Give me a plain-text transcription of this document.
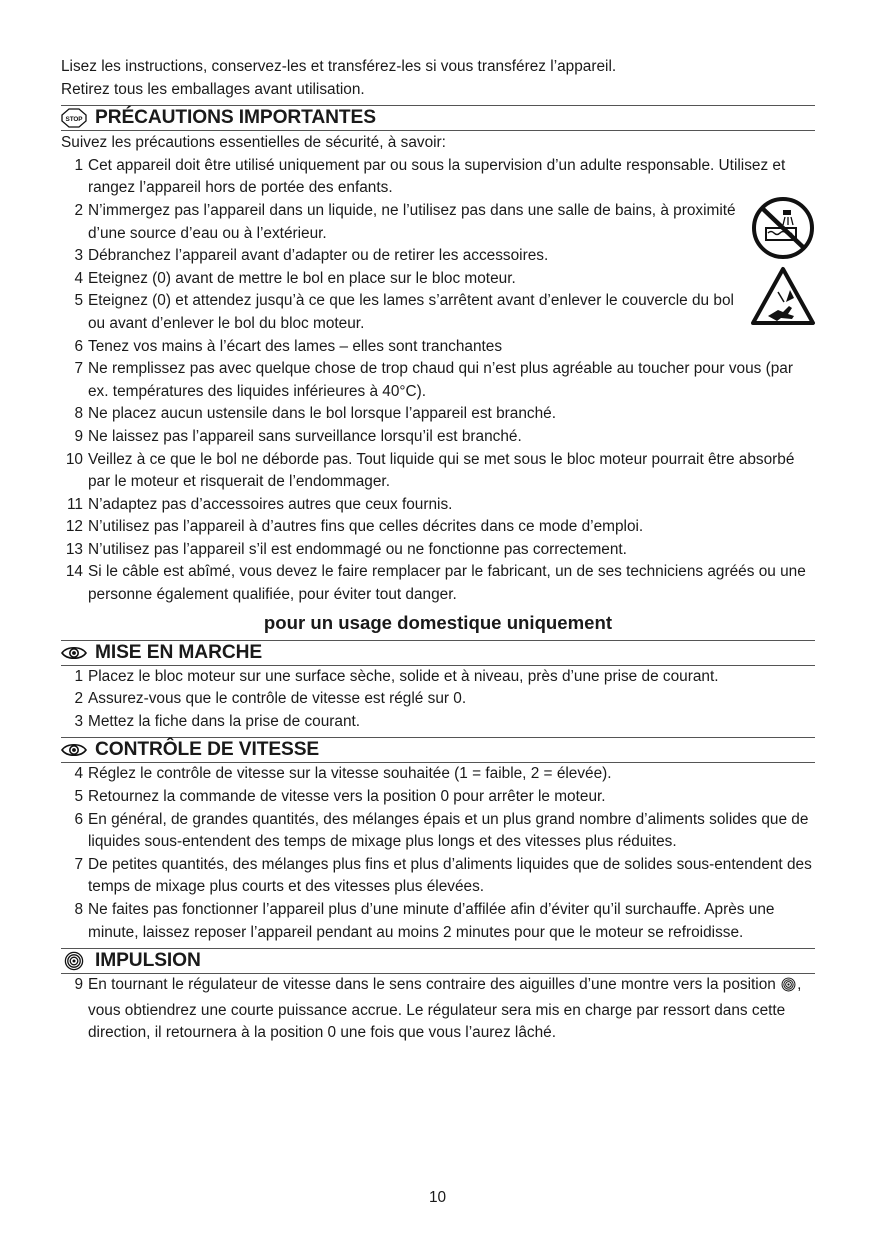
Lisez les instructions, conservez-les et transférez-les si vous transférez l’appareil.
Retirez tous les emballages avant utilisation.
STOP PRÉCAUTIONS IMPORTANTES
Suivez les précautions essentielles de sécurité, à savoir:
1 Cet appareil doit être utilisé uniquement par ou sous la supervision d’un adulte responsable. Utilisez et rangez l’appareil hors de portée des enfants.
2 N’immergez pas l’appareil dans un liquide, ne l’utilisez pas dans une salle de bains, à proximité d’une source d’eau ou à l’extérieur.
3 Débranchez l’appareil avant d’adapter ou de retirer les accessoires.
4 Eteignez (0) avant de mettre le bol en place sur le bloc moteur.
5 Eteignez (0) et attendez jusqu’à ce que les lames s’arrêtent avant d’enlever le couvercle du bol ou avant d’enlever le bol du bloc moteur.
6 Tenez vos mains à l’écart des lames – elles sont tranchantes
7 Ne remplissez pas avec quelque chose de trop chaud qui n’est plus agréable au toucher pour vous (par ex. températures des liquides inférieures à 40°C).
8 Ne placez aucun ustensile dans le bol lorsque l’appareil est branché.
9 Ne laissez pas l’appareil sans surveillance lorsqu’il est branché.
10 Veillez à ce que le bol ne déborde pas. Tout liquide qui se met sous le bloc moteur pourrait être absorbé par le moteur et risquerait de l’endommager.
11 N’adaptez pas d’accessoires autres que ceux fournis.
12 N’utilisez pas l’appareil à d’autres fins que celles décrites dans ce mode d’emploi.
13 N’utilisez pas l’appareil s’il est endommagé ou ne fonctionne pas correctement.
14 Si le câble est abîmé, vous devez le faire remplacer par le fabricant, un de ses techniciens agréés ou une personne également qualifiée, pour éviter tout danger.
pour un usage domestique uniquement
MISE EN MARCHE
1 Placez le bloc moteur sur une surface sèche, solide et à niveau, près d’une prise de courant.
2 Assurez-vous que le contrôle de vitesse est réglé sur 0.
3 Mettez la fiche dans la prise de courant.
CONTRÔLE DE VITESSE
4 Réglez le contrôle de vitesse sur la vitesse souhaitée (1 = faible, 2 = élevée).
5 Retournez la commande de vitesse vers la position 0 pour arrêter le moteur.
6 En général, de grandes quantités, des mélanges épais et un plus grand nombre d’aliments solides que de liquides sous-entendent des temps de mixage plus longs et des vitesses plus réduites.
7 De petites quantités, des mélanges plus fins et plus d’aliments liquides que de solides sous-entendent des temps de mixage plus courts et des vitesses plus élevées.
8 Ne faites pas fonctionner l’appareil plus d’une minute d’affilée afin d’éviter qu’il surchauffe. Après une minute, laissez reposer l’appareil pendant au moins 2 minutes pour que le moteur se refroidisse.
IMPULSION
9 En tournant le régulateur de vitesse dans le sens contraire des aiguilles d’une montre vers la position , vous obtiendrez une courte puissance accrue. Le régulateur sera mis en charge par ressort dans cette direction, il retournera à la position 0 une fois que vous l’aurez lâché.
10
